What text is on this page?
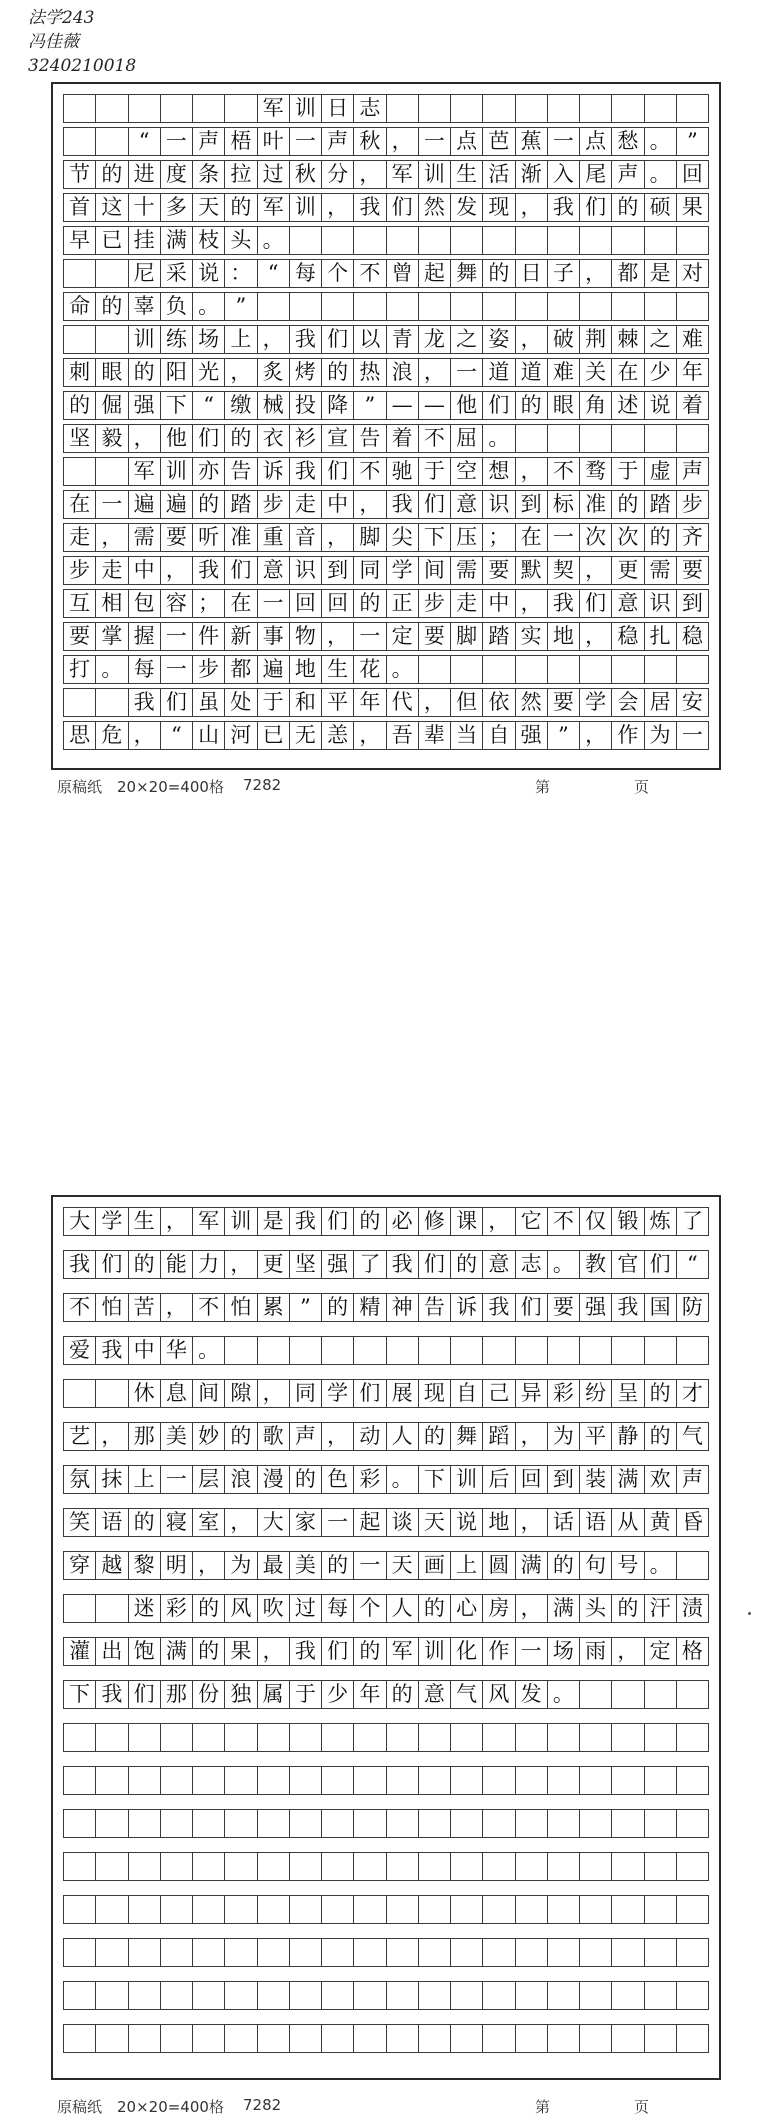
法学243
冯佳薇
3240210018
军 训 日 志
“ 一 声 梧 叶 一 声 秋 ， 一 点 芭 蕉 一 点 愁 。 ”
节 的 进 度 条 拉 过 秋 分 ， 军 训 生 活 渐 入 尾 声 。 回
首 这 十 多 天 的 军 训 ， 我 们 然 发 现 ， 我 们 的 硕 果
早 已 挂 满 枝 头 。
尼 采 说 ： “ 每 个 不 曾 起 舞 的 日 子 ， 都 是 对
命 的 辜 负 。 ”
训 练 场 上 ， 我 们 以 青 龙 之 姿 ， 破 荆 棘 之 难
刺 眼 的 阳 光 ， 炙 烤 的 热 浪 ， 一 道 道 难 关 在 少 年
的 倔 强 下 “ 缴 械 投 降 ” — — 他 们 的 眼 角 述 说 着
坚 毅 ， 他 们 的 衣 衫 宣 告 着 不 屈 。
军 训 亦 告 诉 我 们 不 驰 于 空 想 ， 不 骛 于 虚 声
在 一 遍 遍 的 踏 步 走 中 ， 我 们 意 识 到 标 准 的 踏 步
走 ， 需 要 听 准 重 音 ， 脚 尖 下 压 ； 在 一 次 次 的 齐
步 走 中 ， 我 们 意 识 到 同 学 间 需 要 默 契 ， 更 需 要
互 相 包 容 ； 在 一 回 回 的 正 步 走 中 ， 我 们 意 识 到
要 掌 握 一 件 新 事 物 ， 一 定 要 脚 踏 实 地 ， 稳 扎 稳
打 。 每 一 步 都 遍 地 生 花 。
我 们 虽 处 于 和 平 年 代 ， 但 依 然 要 学 会 居 安
思 危 ， “ 山 河 已 无 恙 ， 吾 辈 当 自 强 ” ， 作 为 一
原稿纸　20×20=400格 7282	第	页
大 学 生 ， 军 训 是 我 们 的 必 修 课 ， 它 不 仅 锻 炼 了
我 们 的 能 力 ， 更 坚 强 了 我 们 的 意 志 。 教 官 们 “
不 怕 苦 ， 不 怕 累 ” 的 精 神 告 诉 我 们 要 强 我 国 防
爱 我 中 华 。
休 息 间 隙 ， 同 学 们 展 现 自 己 异 彩 纷 呈 的 才
艺 ， 那 美 妙 的 歌 声 ， 动 人 的 舞 蹈 ， 为 平 静 的 气
氛 抹 上 一 层 浪 漫 的 色 彩 。 下 训 后 回 到 装 满 欢 声
笑 语 的 寝 室 ， 大 家 一 起 谈 天 说 地 ， 话 语 从 黄 昏
穿 越 黎 明 ， 为 最 美 的 一 天 画 上 圆 满 的 句 号 。
迷 彩 的 风 吹 过 每 个 人 的 心 房 ， 满 头 的 汗 渍
灌 出 饱 满 的 果 ， 我 们 的 军 训 化 作 一 场 雨 ， 定 格
下 我 们 那 份 独 属 于 少 年 的 意 气 风 发 。
原稿纸　20×20=400格 7282	第	页
